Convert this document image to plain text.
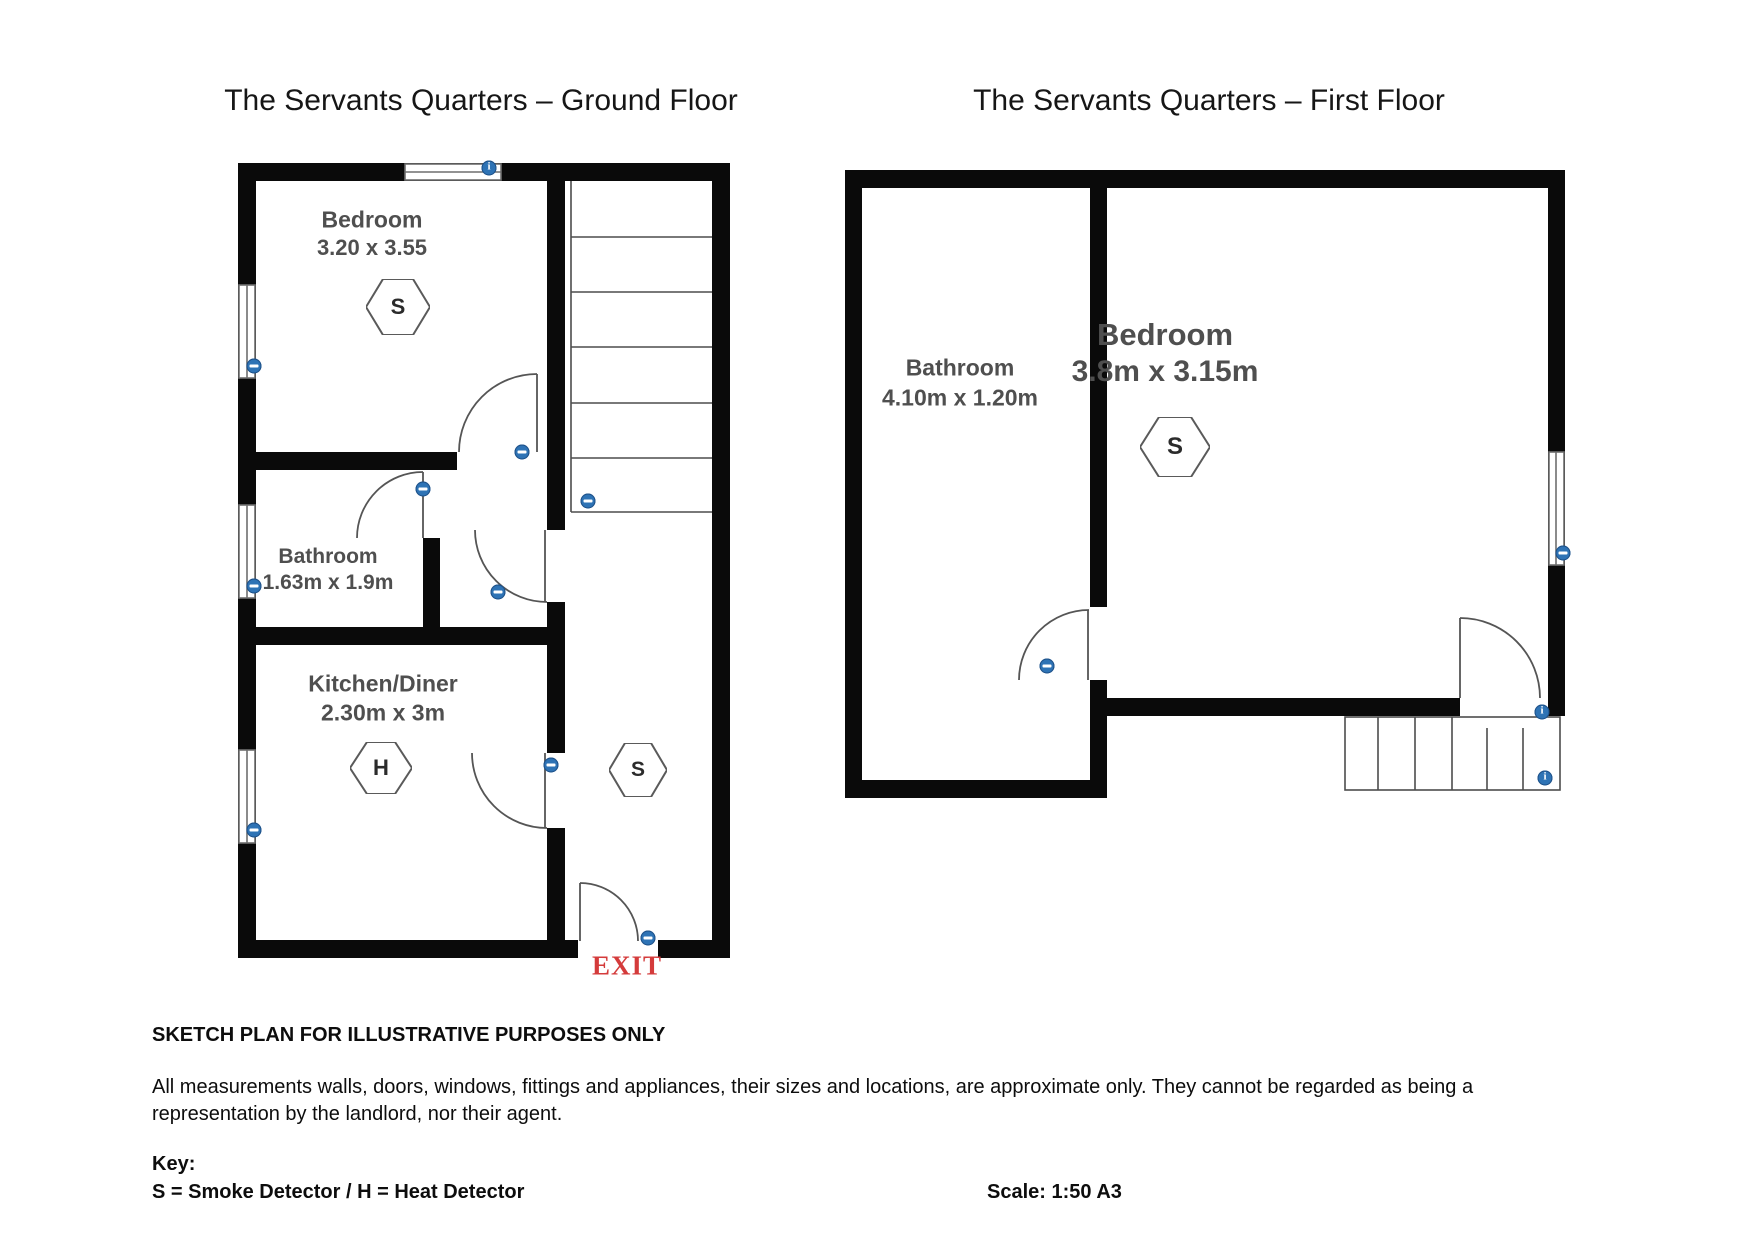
The Servants Quarters – Ground Floor	The Servants Quarters – First Floor
Bedroom
3.20 x 3.55
Bathroom
1.63m x 1.9m
Kitchen/Diner
2.30m x 3m
S
H	S
i
EXIT
Bathroom
4.10m x 1.20m
Bedroom
3.8m x 3.15m
S
i
i
SKETCH PLAN FOR ILLUSTRATIVE PURPOSES ONLY
All measurements walls, doors, windows, fittings and appliances, their sizes and locations, are approximate only. They cannot be regarded as being a representation by the landlord, nor their agent.
Key:
S = Smoke Detector / H = Heat Detector	Scale: 1:50 A3
